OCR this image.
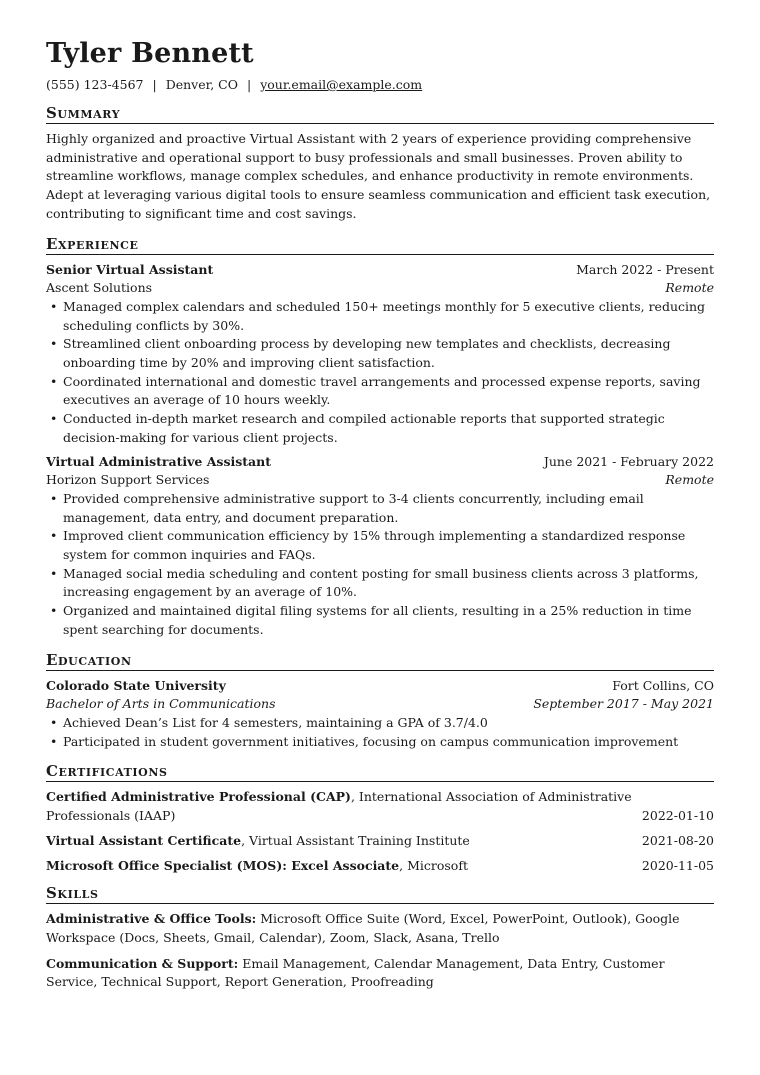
Tyler Bennett
(555) 123-4567 | Denver, CO | your.email@example.com
Summary
Highly organized and proactive Virtual Assistant with 2 years of experience providing comprehensive administrative and operational support to busy professionals and small businesses. Proven ability to streamline workflows, manage complex schedules, and enhance productivity in remote environments. Adept at leveraging various digital tools to ensure seamless communication and efficient task execution, contributing to significant time and cost savings.
Experience
Senior Virtual Assistant	March 2022 - Present
Ascent Solutions	Remote
• Managed complex calendars and scheduled 150+ meetings monthly for 5 executive clients, reducing scheduling conflicts by 30%.
• Streamlined client onboarding process by developing new templates and checklists, decreasing onboarding time by 20% and improving client satisfaction.
• Coordinated international and domestic travel arrangements and processed expense reports, saving executives an average of 10 hours weekly.
• Conducted in-depth market research and compiled actionable reports that supported strategic decision-making for various client projects.
Virtual Administrative Assistant	June 2021 - February 2022
Horizon Support Services	Remote
• Provided comprehensive administrative support to 3-4 clients concurrently, including email management, data entry, and document preparation.
• Improved client communication efficiency by 15% through implementing a standardized response system for common inquiries and FAQs.
• Managed social media scheduling and content posting for small business clients across 3 platforms, increasing engagement by an average of 10%.
• Organized and maintained digital filing systems for all clients, resulting in a 25% reduction in time spent searching for documents.
Education
Colorado State University	Fort Collins, CO
Bachelor of Arts in Communications	September 2017 - May 2021
• Achieved Dean’s List for 4 semesters, maintaining a GPA of 3.7/4.0
• Participated in student government initiatives, focusing on campus communication improvement
Certifications
Certified Administrative Professional (CAP), International Association of Administrative Professionals (IAAP)	2022-01-10
Virtual Assistant Certificate, Virtual Assistant Training Institute	2021-08-20
Microsoft Office Specialist (MOS): Excel Associate, Microsoft	2020-11-05
Skills
Administrative & Office Tools: Microsoft Office Suite (Word, Excel, PowerPoint, Outlook), Google Workspace (Docs, Sheets, Gmail, Calendar), Zoom, Slack, Asana, Trello
Communication & Support: Email Management, Calendar Management, Data Entry, Customer Service, Technical Support, Report Generation, Proofreading
